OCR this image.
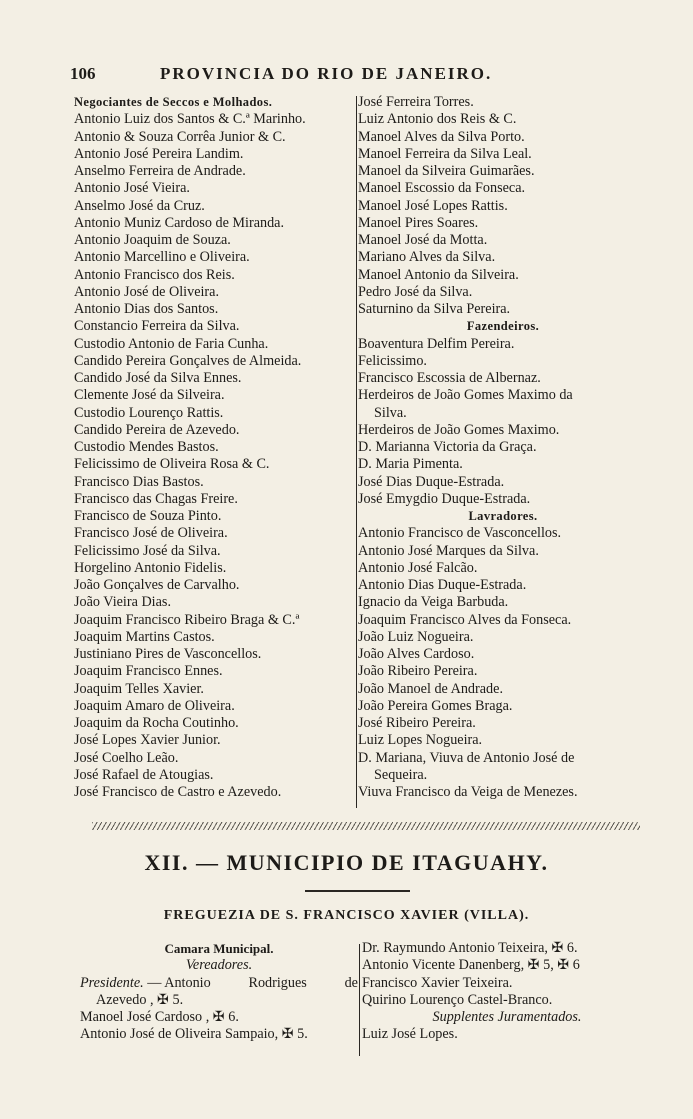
106	PROVINCIA DO RIO DE JANEIRO.
Negociantes de Seccos e Molhados.
Antonio Luiz dos Santos & C.ª Marinho.
Antonio & Souza Corrêa Junior & C.
Antonio José Pereira Landim.
Anselmo Ferreira de Andrade.
Antonio José Vieira.
Anselmo José da Cruz.
Antonio Muniz Cardoso de Miranda.
Antonio Joaquim de Souza.
Antonio Marcellino e Oliveira.
Antonio Francisco dos Reis.
Antonio José de Oliveira.
Antonio Dias dos Santos.
Constancio Ferreira da Silva.
Custodio Antonio de Faria Cunha.
Candido Pereira Gonçalves de Almeida.
Candido José da Silva Ennes.
Clemente José da Silveira.
Custodio Lourenço Rattis.
Candido Pereira de Azevedo.
Custodio Mendes Bastos.
Felicissimo de Oliveira Rosa & C.
Francisco Dias Bastos.
Francisco das Chagas Freire.
Francisco de Souza Pinto.
Francisco José de Oliveira.
Felicissimo José da Silva.
Horgelino Antonio Fidelis.
João Gonçalves de Carvalho.
João Vieira Dias.
Joaquim Francisco Ribeiro Braga & C.ª
Joaquim Martins Castos.
Justiniano Pires de Vasconcellos.
Joaquim Francisco Ennes.
Joaquim Telles Xavier.
Joaquim Amaro de Oliveira.
Joaquim da Rocha Coutinho.
José Lopes Xavier Junior.
José Coelho Leão.
José Rafael de Atougias.
José Francisco de Castro e Azevedo.
José Ferreira Torres.
Luiz Antonio dos Reis & C.
Manoel Alves da Silva Porto.
Manoel Ferreira da Silva Leal.
Manoel da Silveira Guimarães.
Manoel Escossio da Fonseca.
Manoel José Lopes Rattis.
Manoel Pires Soares.
Manoel José da Motta.
Mariano Alves da Silva.
Manoel Antonio da Silveira.
Pedro José da Silva.
Saturnino da Silva Pereira.
Fazendeiros.
Boaventura Delfim Pereira.
Felicissimo.
Francisco Escossia de Albernaz.
Herdeiros de João Gomes Maximo da
Silva.
Herdeiros de João Gomes Maximo.
D. Marianna Victoria da Graça.
D. Maria Pimenta.
José Dias Duque-Estrada.
José Emygdio Duque-Estrada.
Lavradores.
Antonio Francisco de Vasconcellos.
Antonio José Marques da Silva.
Antonio José Falcão.
Antonio Dias Duque-Estrada.
Ignacio da Veiga Barbuda.
Joaquim Francisco Alves da Fonseca.
João Luiz Nogueira.
João Alves Cardoso.
João Ribeiro Pereira.
João Manoel de Andrade.
João Pereira Gomes Braga.
José Ribeiro Pereira.
Luiz Lopes Nogueira.
D. Mariana, Viuva de Antonio José de
Sequeira.
Viuva Francisco da Veiga de Menezes.
XII. — MUNICIPIO DE ITAGUAHY.
FREGUEZIA DE S. FRANCISCO XAVIER (VILLA).
Camara Municipal.
Vereadores.
Presidente. — Antonio	Rodrigues	de
Azevedo , ✠ 5.
Manoel José Cardoso , ✠ 6.
Antonio José de Oliveira Sampaio, ✠ 5.
Dr. Raymundo Antonio Teixeira, ✠ 6.
Antonio Vicente Danenberg, ✠ 5, ✠ 6
Francisco Xavier Teixeira.
Quirino Lourenço Castel-Branco.
Supplentes Juramentados.
Luiz José Lopes.
